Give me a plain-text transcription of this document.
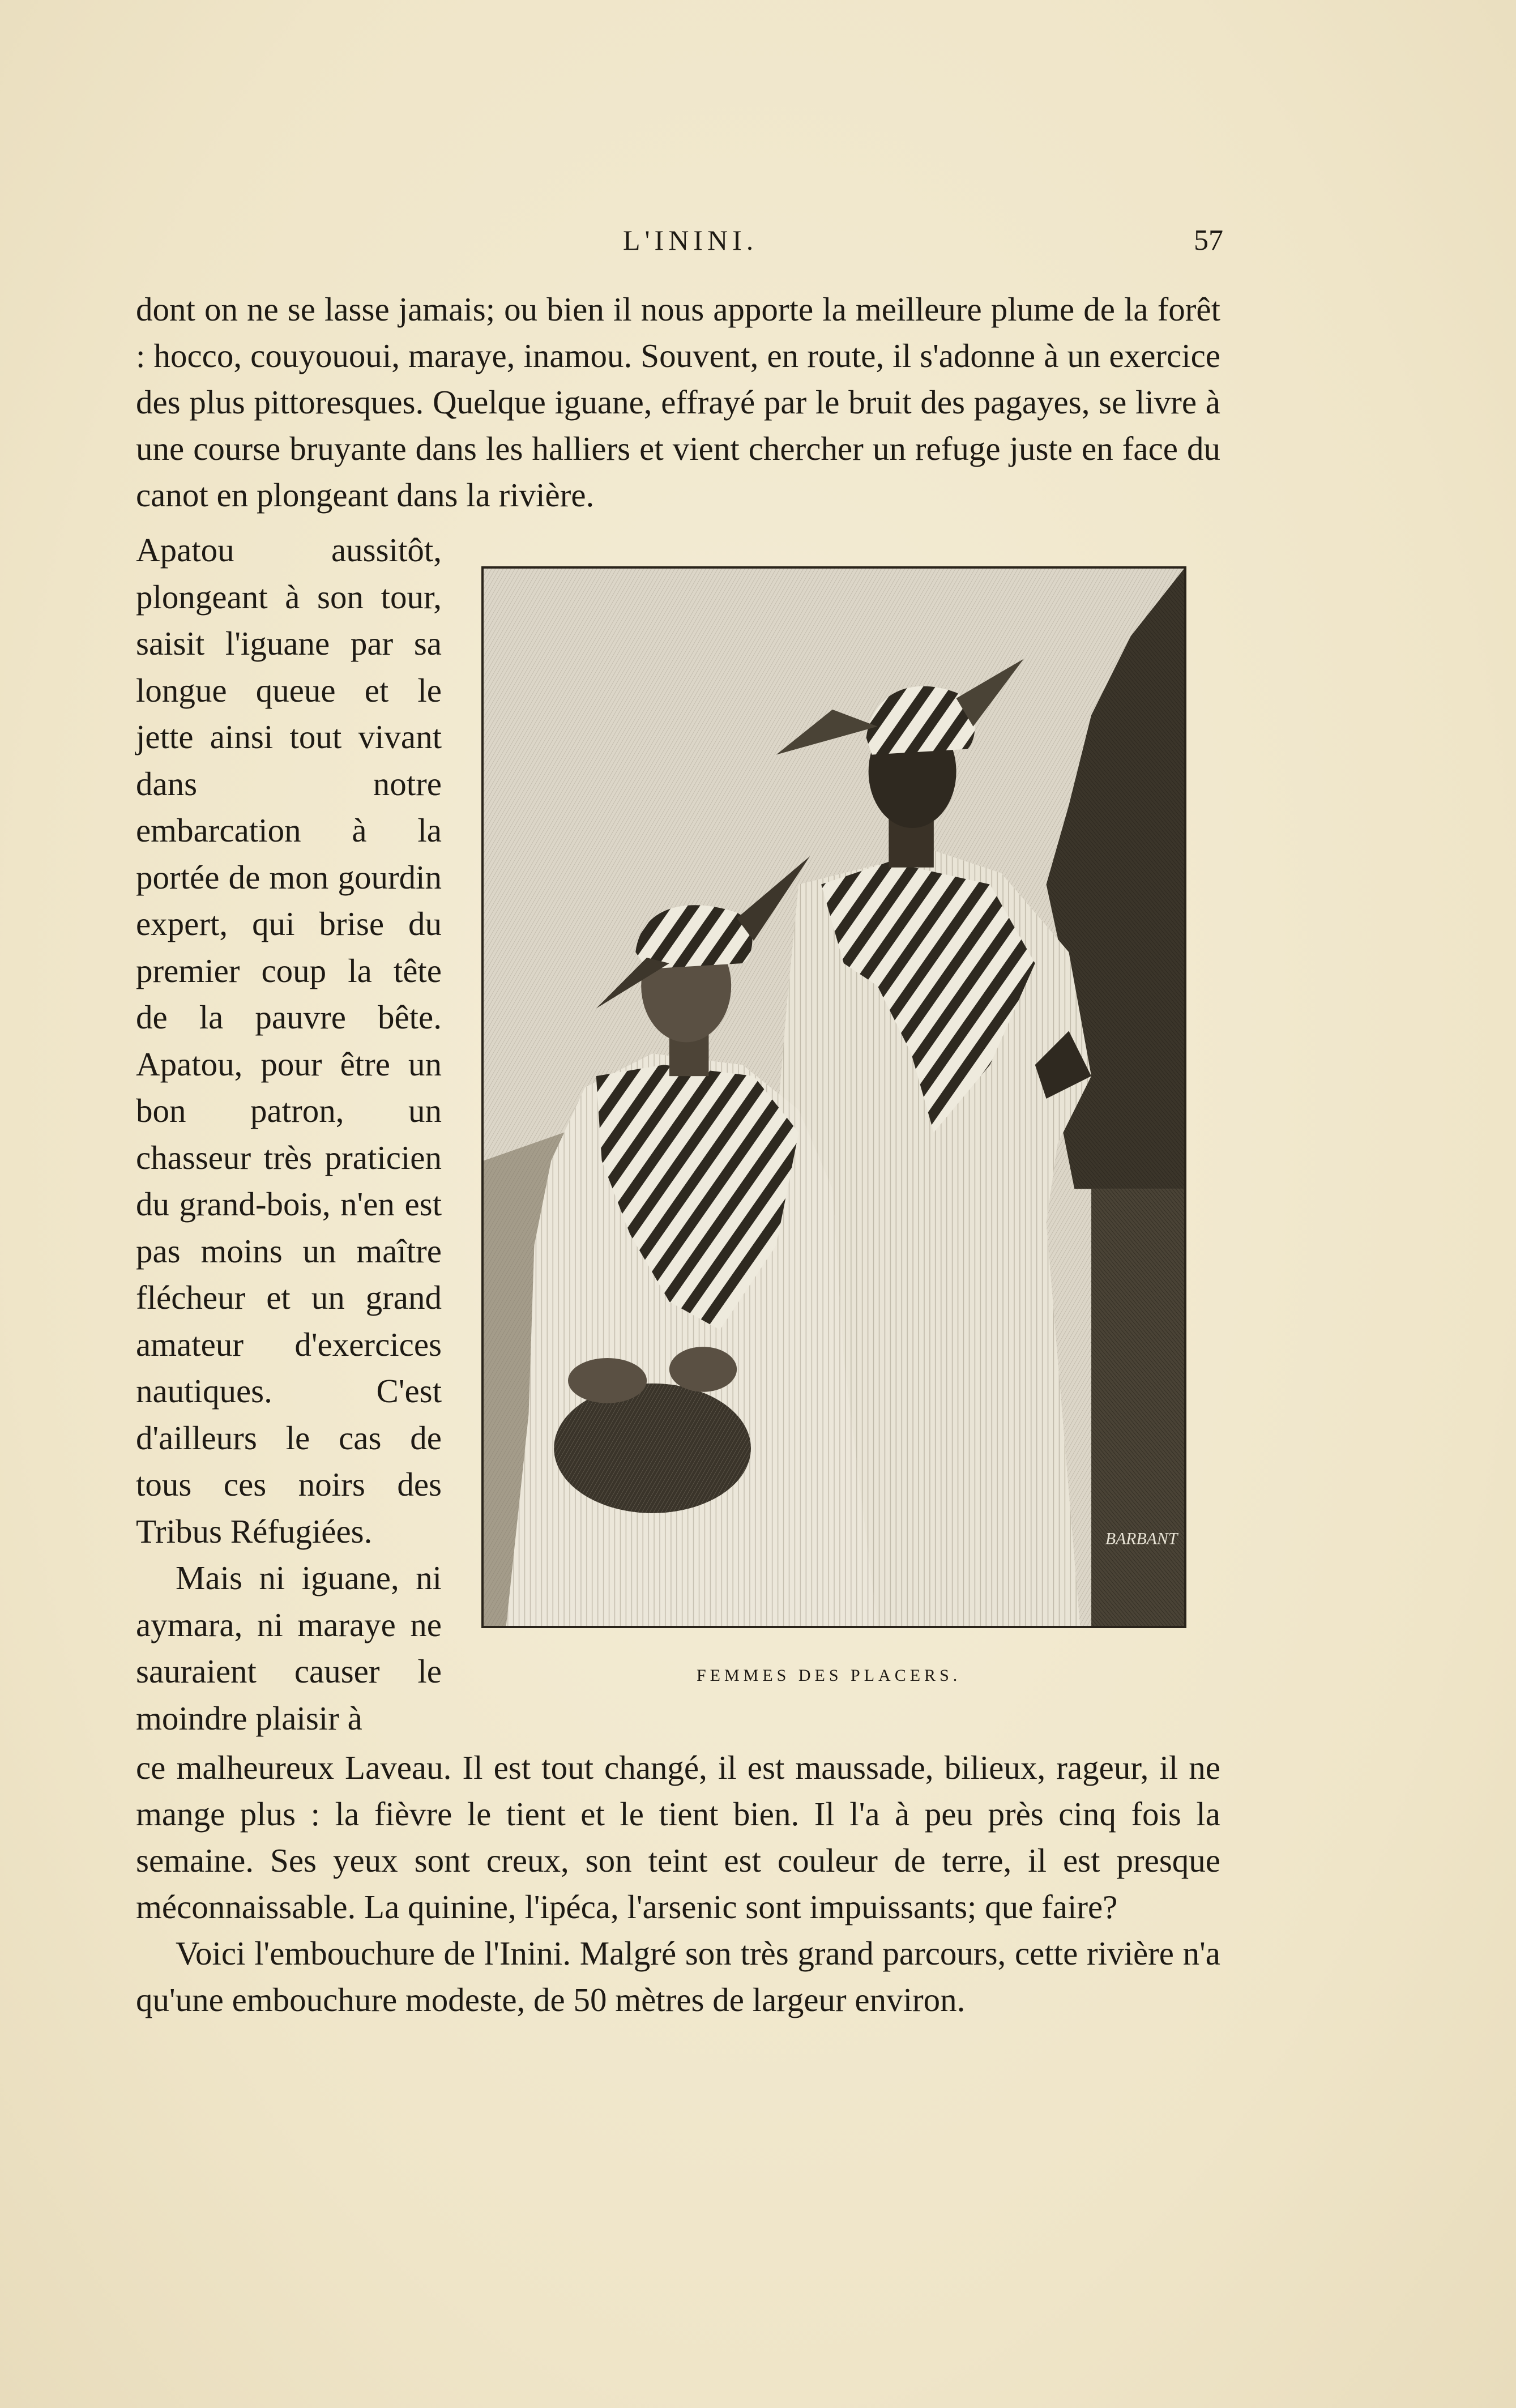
L'ININI.	57

dont on ne se lasse jamais; ou bien il nous apporte la meilleure plume de la forêt : hocco, couyououi, maraye, inamou. Souvent, en route, il s'adonne à un exercice des plus pittoresques. Quelque iguane, effrayé par le bruit des pagayes, se livre à une course bruyante dans les halliers et vient chercher un refuge juste en face du canot en plongeant dans la rivière.

Apatou aussitôt, plongeant à son tour, saisit l'iguane par sa longue queue et le jette ainsi tout vivant dans notre embarcation à la portée de mon gourdin expert, qui brise du premier coup la tête de la pauvre bête. Apatou, pour être un bon patron, un chasseur très praticien du grand-bois, n'en est pas moins un maître flécheur et un grand amateur d'exercices nautiques. C'est d'ailleurs le cas de tous ces noirs des Tribus Réfugiées.

Mais ni iguane, ni aymara, ni maraye ne sauraient causer le moindre plaisir à

BARBANT
FEMMES DES PLACERS.

ce malheureux Laveau. Il est tout changé, il est maussade, bilieux, rageur, il ne mange plus : la fièvre le tient et le tient bien. Il l'a à peu près cinq fois la semaine. Ses yeux sont creux, son teint est couleur de terre, il est presque méconnaissable. La quinine, l'ipéca, l'arsenic sont impuissants; que faire?

Voici l'embouchure de l'Inini. Malgré son très grand parcours, cette rivière n'a qu'une embouchure modeste, de 50 mètres de largeur environ.
